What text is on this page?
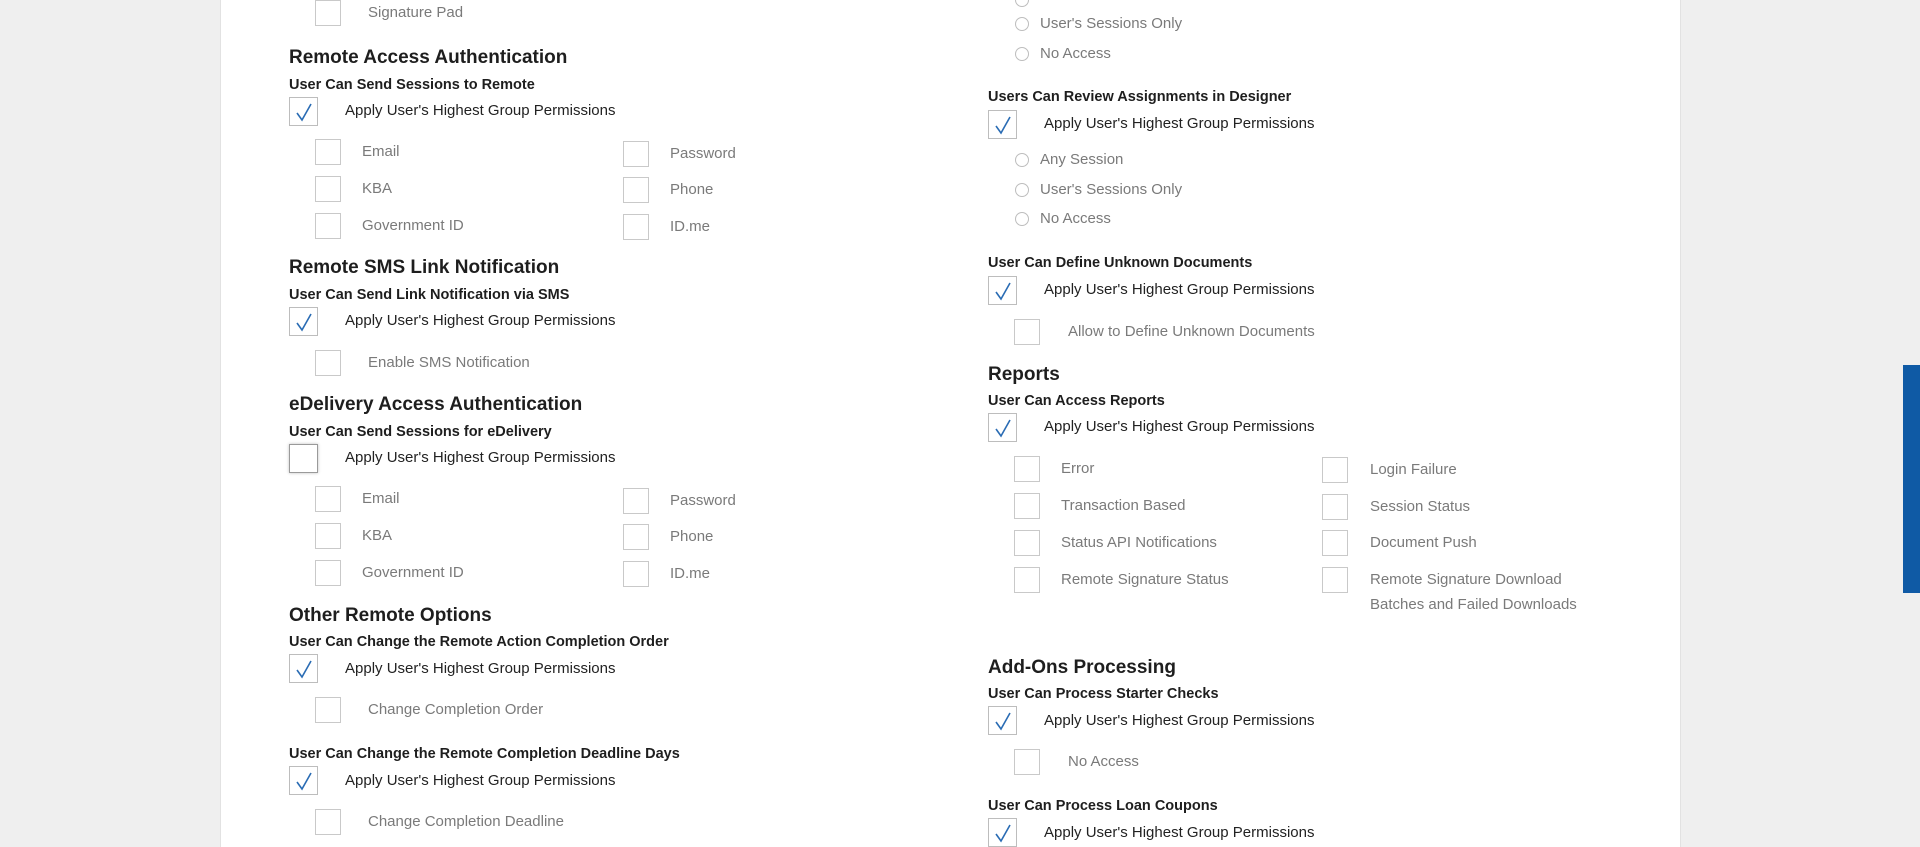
Signature Pad
Remote Access Authentication
User Can Send Sessions to Remote
Apply User's Highest Group Permissions
Email	Password
KBA	Phone
Government ID	ID.me
Remote SMS Link Notification
User Can Send Link Notification via SMS
Apply User's Highest Group Permissions
Enable SMS Notification
eDelivery Access Authentication
User Can Send Sessions for eDelivery
Apply User's Highest Group Permissions
Email	Password
KBA	Phone
Government ID	ID.me
Other Remote Options
User Can Change the Remote Action Completion Order
Apply User's Highest Group Permissions
Change Completion Order
User Can Change the Remote Completion Deadline Days
Apply User's Highest Group Permissions
Change Completion Deadline
User's Sessions Only
No Access
Users Can Review Assignments in Designer
Apply User's Highest Group Permissions
Any Session
User's Sessions Only
No Access
User Can Define Unknown Documents
Apply User's Highest Group Permissions
Allow to Define Unknown Documents
Reports
User Can Access Reports
Apply User's Highest Group Permissions
Error	Login Failure
Transaction Based	Session Status
Status API Notifications	Document Push
Remote Signature Status	Remote Signature Download Batches and Failed Downloads
Add-Ons Processing
User Can Process Starter Checks
Apply User's Highest Group Permissions
No Access
User Can Process Loan Coupons
Apply User's Highest Group Permissions
